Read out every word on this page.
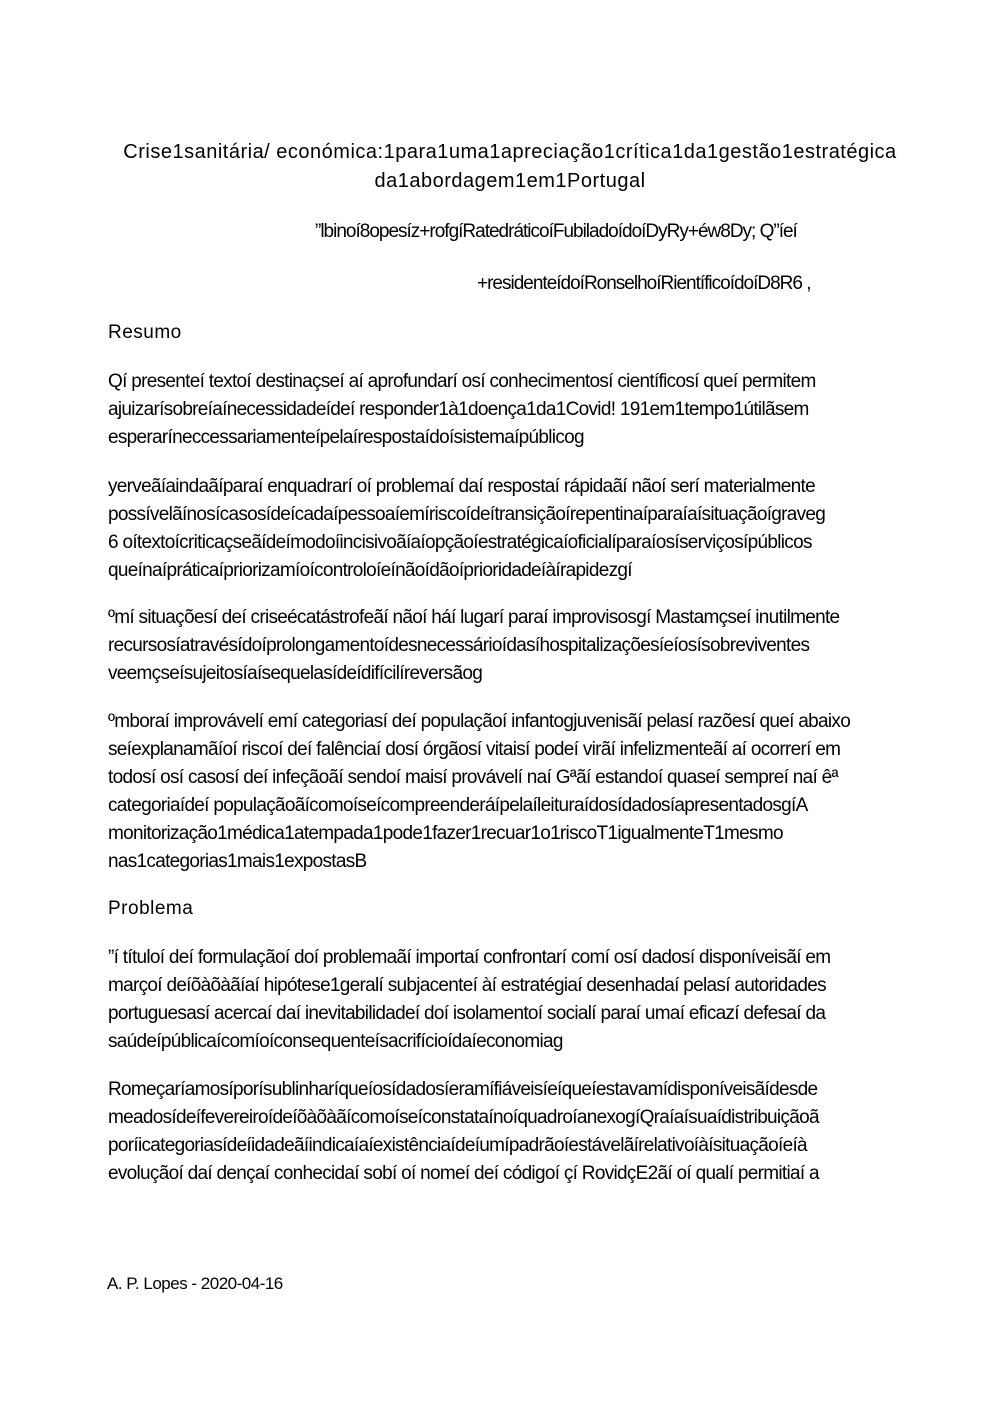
Crise1sanitária/ económica:1para1uma1apreciação1crítica1da1gestão1estratégica
da1abordagem1em1Portugal
”lbinoí8opesíz+rofgíRatedráticoíFubiladoídoíDyRy+éw8Dy; Q”íeí
+residenteídoíRonselhoíRientíficoídoíD8R6 ,
Resumo
Qí presenteí textoí destinaçseí aí aprofundarí osí conhecimentosí científicosí queí permitem
ajuizarísobreíaínecessidadeídeí responder1à1doença1da1Covid! 191em1tempo1útilãsem
esperaríneccessariamenteípelaírespostaídoísistemaípúblicog
yerveãíaindaãíparaí enquadrarí oí problemaí daí respostaí rápidaãí nãoí serí materialmente
possívelãínosícasosídeícadaípessoaíemíriscoídeítransiçãoírepentinaíparaíaísituaçãoígraveg
6 oítextoícriticaçseãídeímodoíincisivoãíaíopçãoíestratégicaíoficialíparaíosíserviçosípúblicos
queínaípráticaípriorizamíoícontroloíeínãoídãoíprioridadeíàírapidezgí
ºmí situaçõesí deí criseécatástrofeãí nãoí háí lugarí paraí improvisosgí Mastamçseí inutilmente
recursosíatravésídoíprolongamentoídesnecessárioídasíhospitalizaçõesíeíosísobreviventes
veemçseísujeitosíaísequelasídeídifícilíreversãog
ºmboraí improvávelí emí categoriasí deí populaçãoí infantogjuvenisãí pelasí razõesí queí abaixo
seíexplanamãíoí riscoí deí falênciaí dosí órgãosí vitaisí podeí virãí infelizmenteãí aí ocorrerí em
todosí osí casosí deí infeçãoãí sendoí maisí provávelí naí Gªãí estandoí quaseí sempreí naí êª
categoriaídeí populaçãoãícomoíseícompreenderáípelaíleituraídosídadosíapresentadosgíA
monitorização1médica1atempada1pode1fazer1recuar1o1riscoT1igualmenteT1mesmo
nas1categorias1mais1expostasB
Problema
”í títuloí deí formulaçãoí doí problemaãí importaí confrontarí comí osí dadosí disponíveisãí em
marçoí deíõàõàãíaí hipótese1geralí subjacenteí àí estratégiaí desenhadaí pelasí autoridades
portuguesasí acercaí daí inevitabilidadeí doí isolamentoí socialí paraí umaí eficazí defesaí da
saúdeípúblicaícomíoíconsequenteísacrifícioídaíeconomiag
Romeçaríamosíporísublinharíqueíosídadosíeramífiáveisíeíqueíestavamídisponíveisãídesde
meadosídeífevereiroídeíõàõàãícomoíseíconstataínoíquadroíanexogíQraíaísuaídistribuiçãoã
poríicategoriasídeíidadeãíindicaíaíexistênciaídeíumípadrãoíestávelãírelativoíàísituaçãoíeíà
evoluçãoí daí dençaí conhecidaí sobí oí nomeí deí códigoí çí RovidçE2ãí oí qualí permitiaí a
A. P. Lopes - 2020-04-16
